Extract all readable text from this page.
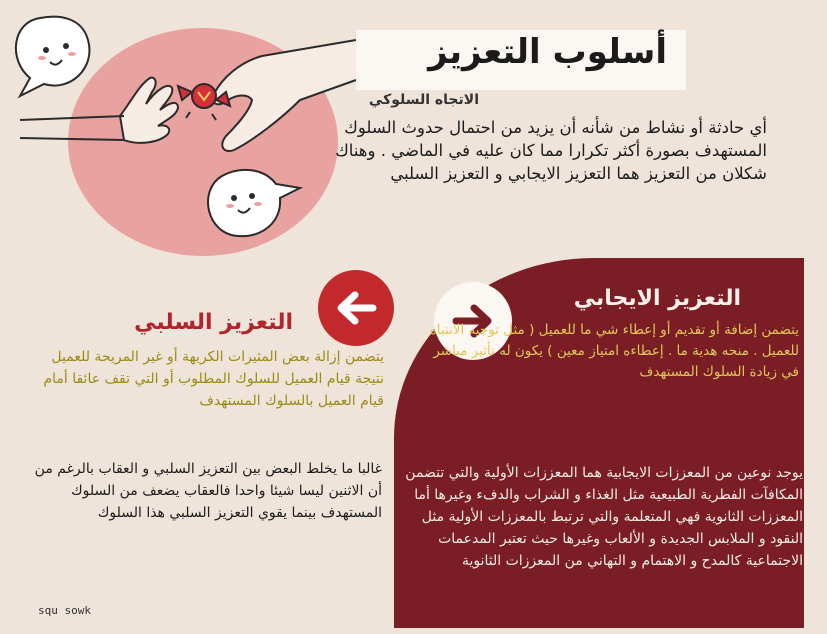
أسلوب التعزيز
الاتجاه السلوكي
أي حادثة أو نشاط من شأنه أن يزيد من احتمال حدوث السلوك المستهدف بصورة أكثر تكرارا مما كان عليه في الماضي . وهناك شكلان من التعزيز هما التعزيز الايجابي و التعزيز السلبي
التعزيز الايجابي
يتضمن إضافة أو تقديم أو إعطاء شي ما للعميل ( مثل توجيه الانتباه للعميل . منحه هدية ما . إعطاءه امتياز معين ) يكون له تأثير مباشر في زيادة السلوك المستهدف
يوجد نوعين من المعززات الايجابية هما المعززات الأولية والتي تتضمن المكافآت الفطرية الطبيعية مثل الغذاء و الشراب والدفء وغيرها أما المعززات الثانوية فهي المتعلمة والتي ترتبط بالمعززات الأولية مثل النقود و الملابس الجديدة و الألعاب وغيرها حيث تعتبر المدعمات الاجتماعية كالمدح و الاهتمام و التهاني من المعززات الثانوية
التعزيز السلبي
يتضمن إزالة بعض المثيرات الكريهة أو غير المريحة للعميل نتيجة قيام العميل للسلوك المطلوب أو التي تقف عائقا أمام قيام العميل بالسلوك المستهدف
غالبا ما يخلط البعض بين التعزيز السلبي و العقاب بالرغم من أن الاثنين ليسا شيئا واحدا فالعقاب يضعف من السلوك المستهدف بينما يقوي التعزيز السلبي هذا السلوك
squ sowk
